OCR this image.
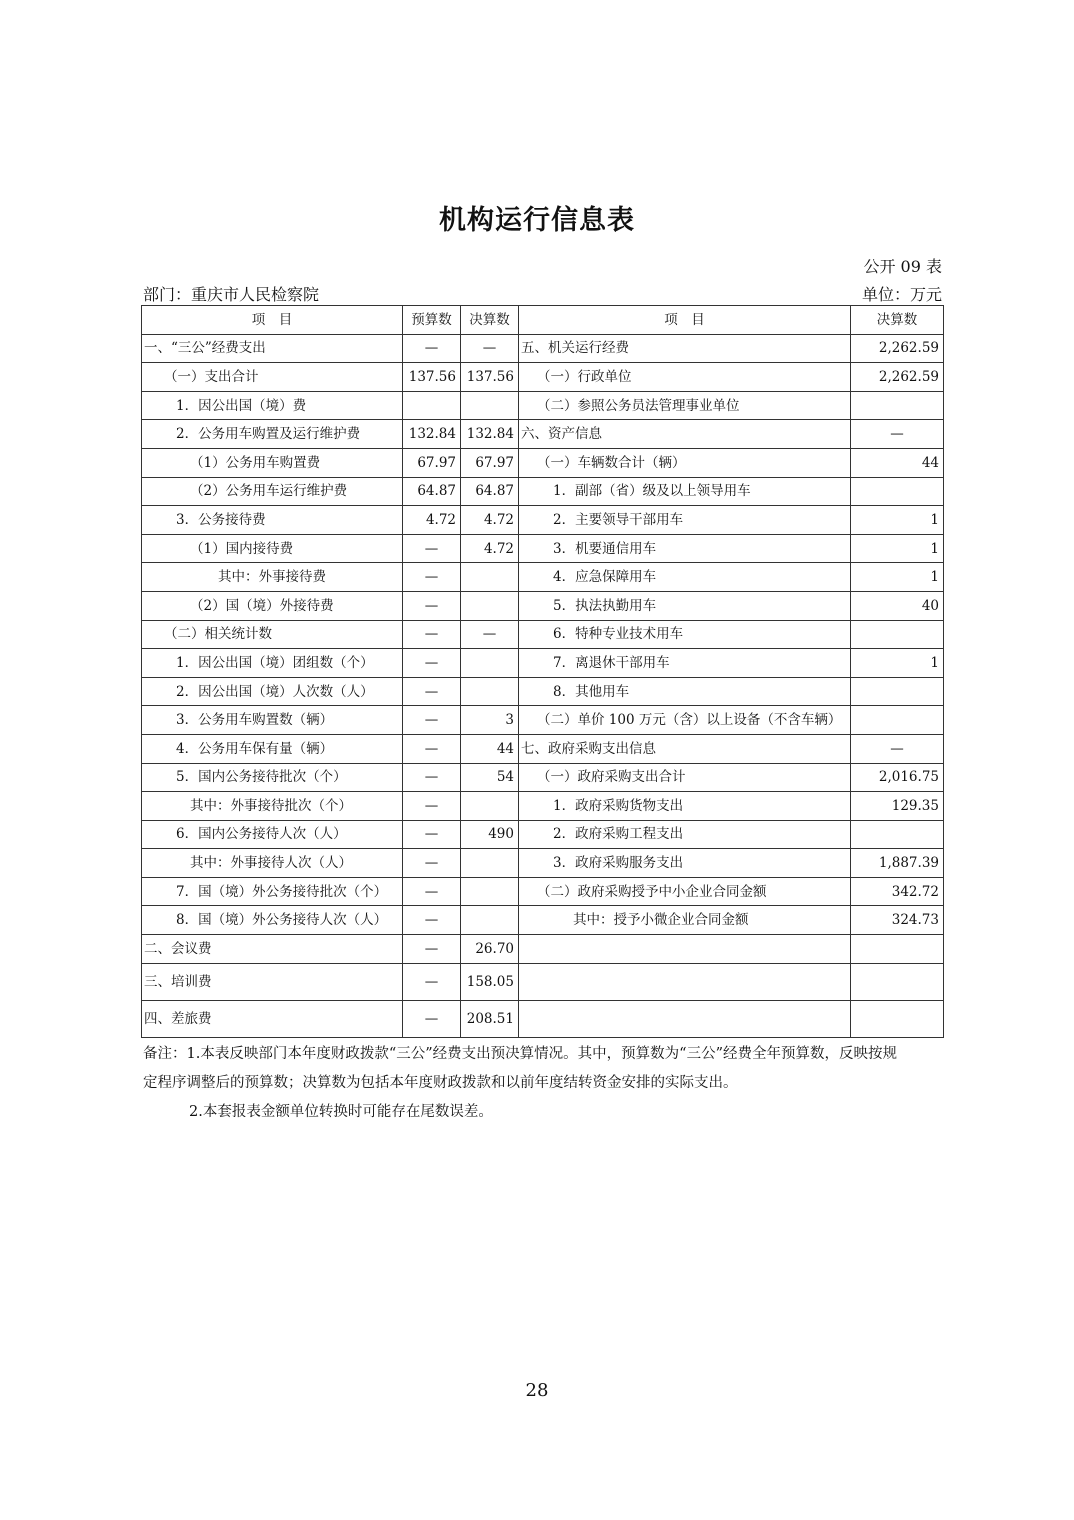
机构运行信息表
公开 09 表
部门：重庆市人民检察院	单位：万元
项　目	预算数	决算数	项　目	决算数
一、“三公”经费支出	—	—	五、机关运行经费	2,262.59
（一）支出合计	137.56	137.56	（一）行政单位	2,262.59
1．因公出国（境）费			（二）参照公务员法管理事业单位	
2．公务用车购置及运行维护费	132.84	132.84	六、资产信息	—
（1）公务用车购置费	67.97	67.97	（一）车辆数合计（辆）	44
（2）公务用车运行维护费	64.87	64.87	1．副部（省）级及以上领导用车	
3．公务接待费	4.72	4.72	2．主要领导干部用车	1
（1）国内接待费	—	4.72	3．机要通信用车	1
其中：外事接待费	—		4．应急保障用车	1
（2）国（境）外接待费	—		5．执法执勤用车	40
（二）相关统计数	—	—	6．特种专业技术用车	
1．因公出国（境）团组数（个）	—		7．离退休干部用车	1
2．因公出国（境）人次数（人）	—		8．其他用车	
3．公务用车购置数（辆）	—	3	（二）单价 100 万元（含）以上设备（不含车辆）	
4．公务用车保有量（辆）	—	44	七、政府采购支出信息	—
5．国内公务接待批次（个）	—	54	（一）政府采购支出合计	2,016.75
其中：外事接待批次（个）	—		1．政府采购货物支出	129.35
6．国内公务接待人次（人）	—	490	2．政府采购工程支出	
其中：外事接待人次（人）	—		3．政府采购服务支出	1,887.39
7．国（境）外公务接待批次（个）	—		（二）政府采购授予中小企业合同金额	342.72
8．国（境）外公务接待人次（人）	—		其中：授予小微企业合同金额	324.73
二、会议费	—	26.70		
三、培训费	—	158.05		
四、差旅费	—	208.51		

备注：1.本表反映部门本年度财政拨款“三公”经费支出预决算情况。其中，预算数为“三公”经费全年预算数，反映按规

定程序调整后的预算数；决算数为包括本年度财政拨款和以前年度结转资金安排的实际支出。

2.本套报表金额单位转换时可能存在尾数误差。

28
